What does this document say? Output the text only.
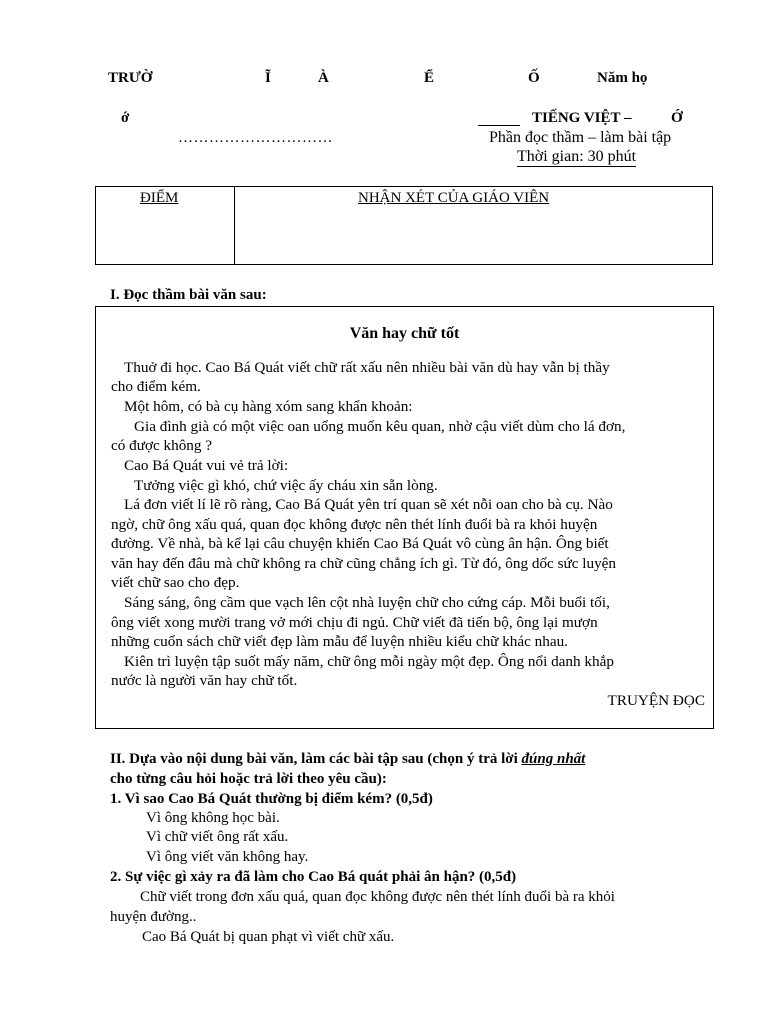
TRƯỜ	Ĩ	À	Ể	Ố	Năm họ
ớ
…………………………
TIẾNG VIỆT –	Ớ
Phần đọc thầm – làm bài tập
Thời gian: 30 phút
ĐIỂM	NHẬN XÉT CỦA GIÁO VIÊN
I. Đọc thầm bài văn sau:
Văn hay chữ tốt
Thuở đi học. Cao Bá Quát viết chữ rất xấu nên nhiều bài văn dù hay vẫn bị thầy
cho điểm kém.
Một hôm, có bà cụ hàng xóm sang khẩn khoản:
Gia đình già có một việc oan uổng muốn kêu quan, nhờ cậu viết dùm cho lá đơn,
có được không ?
Cao Bá Quát vui vẻ trả lời:
Tưởng việc gì khó, chứ việc ấy cháu xin sẵn lòng.
Lá đơn viết lí lẽ rõ ràng, Cao Bá Quát yên trí quan sẽ xét nỗi oan cho bà cụ. Nào
ngờ, chữ ông xấu quá, quan đọc không được nên thét lính đuổi bà ra khỏi huyện
đường. Về nhà, bà kể lại câu chuyện khiến Cao Bá Quát vô cùng ân hận. Ông biết
văn hay đến đâu mà chữ không ra chữ cũng chẳng ích gì. Từ đó, ông dốc sức luyện
viết chữ sao cho đẹp.
Sáng sáng, ông cầm que vạch lên cột nhà luyện chữ cho cứng cáp. Mỗi buổi tối,
ông viết xong mười trang vở mới chịu đi ngủ. Chữ viết đã tiến bộ, ông lại mượn
những cuốn sách chữ viết đẹp làm mẫu để luyện nhiều kiểu chữ khác nhau.
Kiên trì luyện tập suốt mấy năm, chữ ông mỗi ngày một đẹp. Ông nổi danh khắp
nước là người văn hay chữ tốt.
TRUYỆN ĐỌC
II. Dựa vào nội dung bài văn, làm các bài tập sau (chọn ý trả lời đúng nhất
cho từng câu hỏi hoặc trả lời theo yêu cầu):
1. Vì sao Cao Bá Quát thường bị điểm kém? (0,5đ)
Vì ông không học bài.
Vì chữ viết ông rất xấu.
Vì ông viết văn không hay.
2. Sự việc gì xảy ra đã làm cho Cao Bá quát phải ân hận? (0,5đ)
Chữ viết trong đơn xấu quá, quan đọc không được nên thét lính đuổi bà ra khỏi
huyện đường..
Cao Bá Quát bị quan phạt vì viết chữ xấu.
